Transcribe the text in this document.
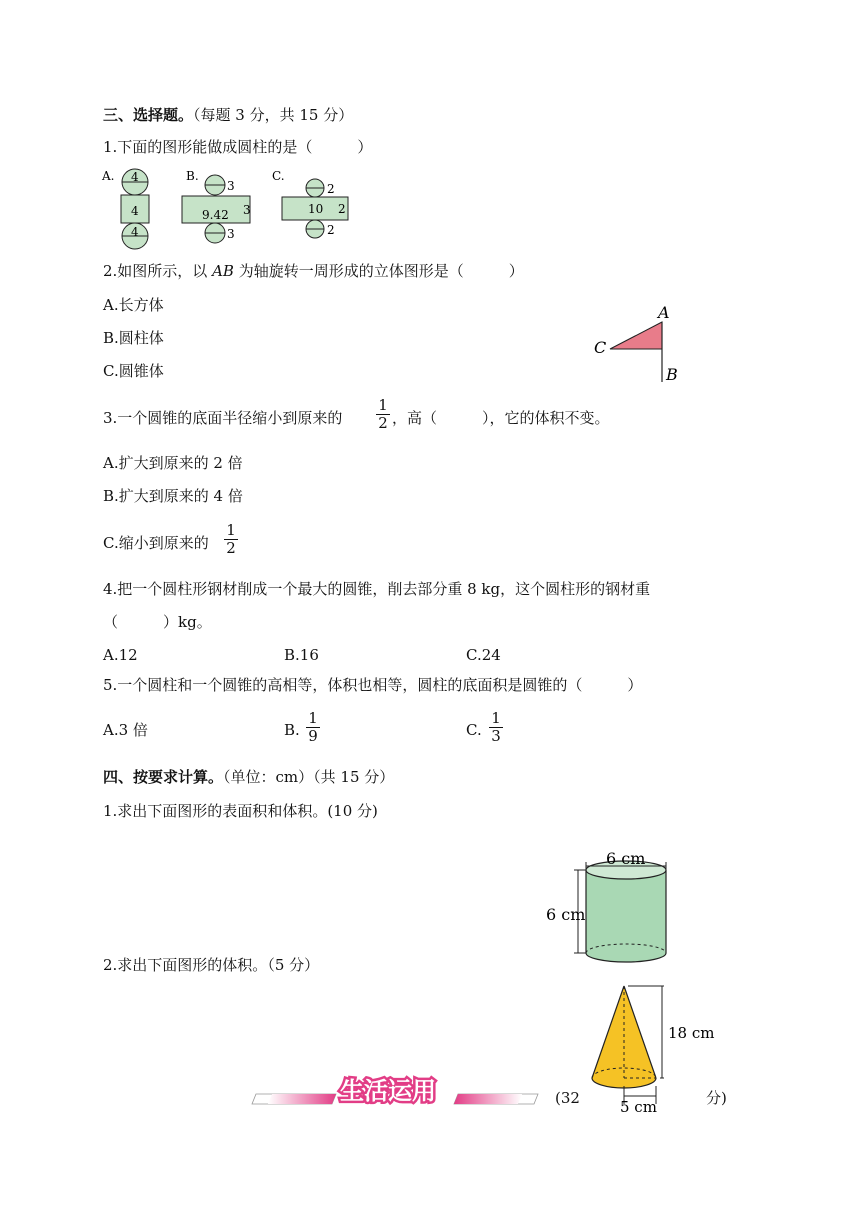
三、选择题。（每题 3 分，共 15 分）
1.下面的图形能做成圆柱的是（　　　）
A. 4
4
4
B.
3
9.42 3
3
C.
2
10 2
2
2.如图所示，以 AB 为轴旋转一周形成的立体图形是（　　　）
A.长方体
B.圆柱体
C.圆锥体
A
C
B
3.一个圆锥的底面半径缩小到原来的
1
2 ，高（　　　），它的体积不变。
A.扩大到原来的 2 倍
B.扩大到原来的 4 倍
C.缩小到原来的
1
2
4.把一个圆柱形钢材削成一个最大的圆锥，削去部分重 8 kg，这个圆柱形的钢材重
（　　　）kg。
A.12	B.16	C.24
5.一个圆柱和一个圆锥的高相等，体积也相等，圆柱的底面积是圆锥的（　　　）
A.3 倍	B.
1
9	C.
1
3
四、按要求计算。（单位：cm）（共 15 分）
1.求出下面图形的表面积和体积。(10 分)
6 cm
6 cm
2.求出下面图形的体积。（5 分）
18 cm
5 cm
生活运用	(32	分)
